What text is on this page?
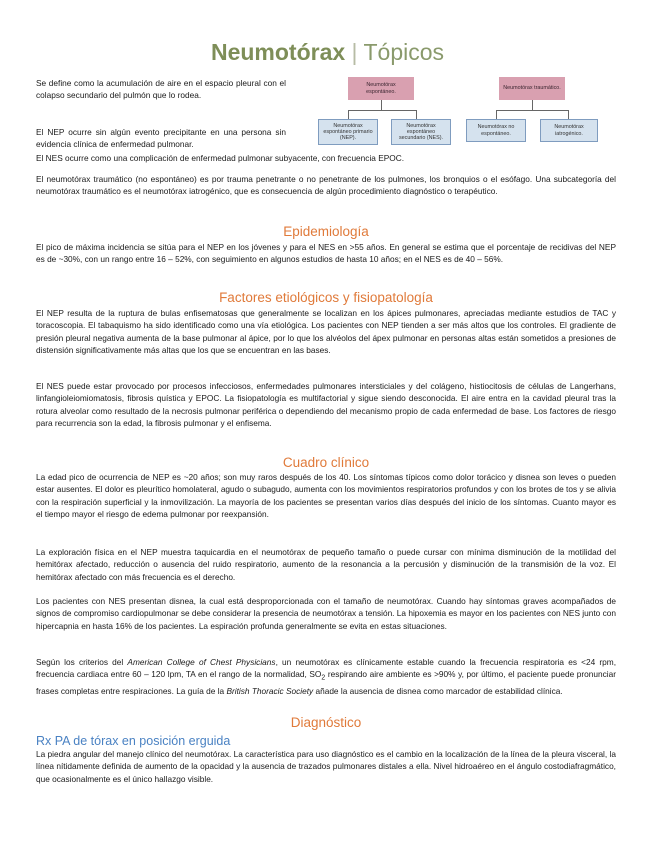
Neumotórax | Tópicos
Neumotórax espontáneo.
Neumotórax espontáneo primario (NEP).
Neumotórax espontáneo secundario (NES).
Neumotórax traumático.
Neumotórax no espontáneo.
Neumotórax iatrogénico.

Se define como la acumulación de aire en el espacio pleural con el colapso secundario del pulmón que lo rodea.

El NEP ocurre sin algún evento precipitante en una persona sin evidencia clínica de enfermedad pulmonar.

El NES ocurre como una complicación de enfermedad pulmonar subyacente, con frecuencia EPOC.

El neumotórax traumático (no espontáneo) es por trauma penetrante o no penetrante de los pulmones, los bronquios o el esófago. Una subcategoría del neumotórax traumático es el neumotórax iatrogénico, que es consecuencia de algún procedimiento diagnóstico o terapéutico.

Epidemiología

El pico de máxima incidencia se sitúa para el NEP en los jóvenes y para el NES en >55 años. En general se estima que el porcentaje de recidivas del NEP es de ~30%, con un rango entre 16 – 52%, con seguimiento en algunos estudios de hasta 10 años; en el NES es de 40 – 56%.

Factores etiológicos y fisiopatología

El NEP resulta de la ruptura de bulas enfisematosas que generalmente se localizan en los ápices pulmonares, apreciadas mediante estudios de TAC y toracoscopia. El tabaquismo ha sido identificado como una vía etiológica. Los pacientes con NEP tienden a ser más altos que los controles. El gradiente de presión pleural negativa aumenta de la base pulmonar al ápice, por lo que los alvéolos del ápex pulmonar en personas altas están sometidos a presiones de distensión significativamente más altas que los que se encuentran en las bases.

El NES puede estar provocado por procesos infecciosos, enfermedades pulmonares intersticiales y del colágeno, histiocitosis de células de Langerhans, linfangioleiomiomatosis, fibrosis quística y EPOC. La fisiopatología es multifactorial y sigue siendo desconocida. El aire entra en la cavidad pleural tras la rotura alveolar como resultado de la necrosis pulmonar periférica o dependiendo del mecanismo propio de cada enfermedad de base. Los factores de riesgo para recurrencia son la edad, la fibrosis pulmonar y el enfisema.

Cuadro clínico

La edad pico de ocurrencia de NEP es ~20 años; son muy raros después de los 40. Los síntomas típicos como dolor torácico y disnea son leves o pueden estar ausentes. El dolor es pleurítico homolateral, agudo o subagudo, aumenta con los movimientos respiratorios profundos y con los brotes de tos y se alivia con la respiración superficial y la inmovilización. La mayoría de los pacientes se presentan varios días después del inicio de los síntomas. Cuanto mayor es el tiempo mayor el riesgo de edema pulmonar por reexpansión.

La exploración física en el NEP muestra taquicardia en el neumotórax de pequeño tamaño o puede cursar con mínima disminución de la motilidad del hemitórax afectado, reducción o ausencia del ruido respiratorio, aumento de la resonancia a la percusión y disminución de la transmisión de la voz. El hemitórax afectado con más frecuencia es el derecho.

Los pacientes con NES presentan disnea, la cual está desproporcionada con el tamaño de neumotórax. Cuando hay síntomas graves acompañados de signos de compromiso cardiopulmonar se debe considerar la presencia de neumotórax a tensión. La hipoxemia es mayor en los pacientes con NES junto con hipercapnia en hasta 16% de los pacientes. La espiración profunda generalmente se evita en estas situaciones.

Según los criterios del American College of Chest Physicians, un neumotórax es clínicamente estable cuando la frecuencia respiratoria es <24 rpm, frecuencia cardiaca entre 60 – 120 lpm, TA en el rango de la normalidad, $SO_2$ respirando aire ambiente es >90% y, por último, el paciente puede pronunciar frases completas entre respiraciones. La guía de la British Thoracic Society añade la ausencia de disnea como marcador de estabilidad clínica.

Diagnóstico
Rx PA de tórax en posición erguida

La piedra angular del manejo clínico del neumotórax. La característica para uso diagnóstico es el cambio en la localización de la línea de la pleura visceral, la línea nítidamente definida de aumento de la opacidad y la ausencia de trazados pulmonares distales a ella. Nivel hidroaéreo en el ángulo costodiafragmático, que ocasionalmente es el único hallazgo visible.
